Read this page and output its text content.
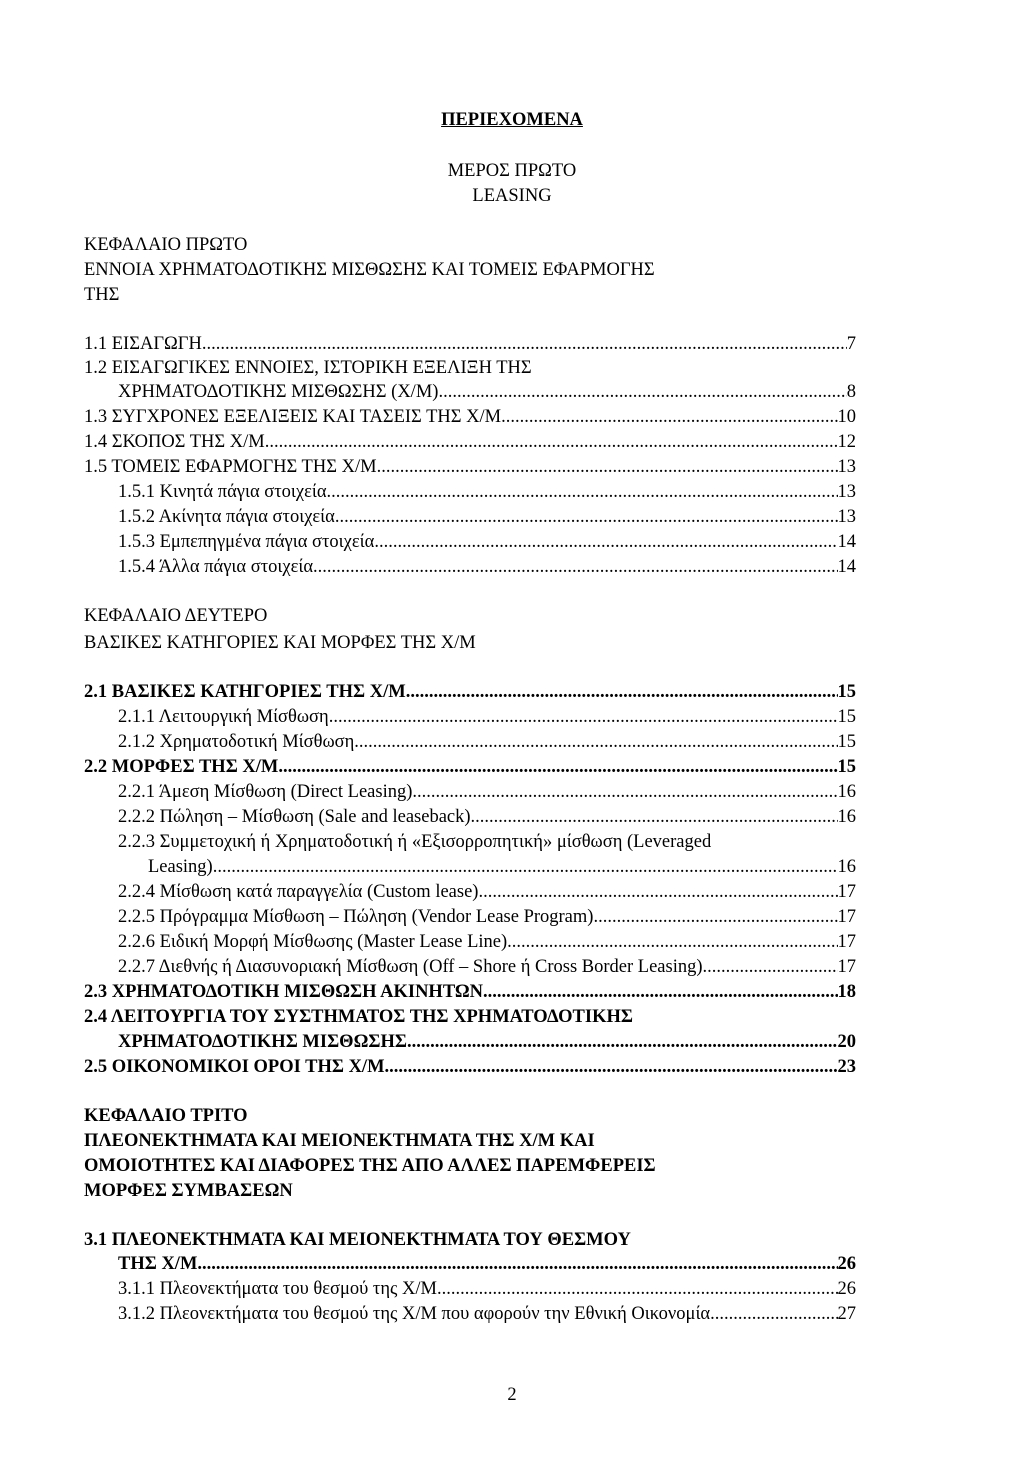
ΠΕΡΙΕΧΟΜΕΝΑ
ΜΕΡΟΣ ΠΡΩΤΟ
LEASING
ΚΕΦΑΛΑΙΟ ΠΡΩΤΟ
ΕΝΝΟΙΑ ΧΡΗΜΑΤΟΔΟΤΙΚΗΣ ΜΙΣΘΩΣΗΣ ΚΑΙ ΤΟΜΕΙΣ ΕΦΑΡΜΟΓΗΣ
ΤΗΣ
1.1 ΕΙΣΑΓΩΓΗ .....	7
1.2 ΕΙΣΑΓΩΓΙΚΕΣ ΕΝΝΟΙΕΣ, ΙΣΤΟΡΙΚΗ ΕΞΕΛΙΞΗ ΤΗΣ
ΧΡΗΜΑΤΟΔΟΤΙΚΗΣ ΜΙΣΘΩΣΗΣ (Χ/Μ) .....	8
1.3 ΣΥΓΧΡΟΝΕΣ ΕΞΕΛΙΞΕΙΣ ΚΑΙ ΤΑΣΕΙΣ ΤΗΣ Χ/Μ .....	10
1.4 ΣΚΟΠΟΣ ΤΗΣ Χ/Μ .....	12
1.5 ΤΟΜΕΙΣ ΕΦΑΡΜΟΓΗΣ ΤΗΣ Χ/Μ .....	13
1.5.1 Κινητά πάγια στοιχεία .....	13
1.5.2 Ακίνητα πάγια στοιχεία .....	13
1.5.3 Εμπεπηγμένα πάγια στοιχεία .....	14
1.5.4 Άλλα πάγια στοιχεία .....	14
ΚΕΦΑΛΑΙΟ ΔΕΥΤΕΡΟ
ΒΑΣΙΚΕΣ ΚΑΤΗΓΟΡΙΕΣ ΚΑΙ ΜΟΡΦΕΣ ΤΗΣ Χ/Μ
2.1 ΒΑΣΙΚΕΣ ΚΑΤΗΓΟΡΙΕΣ ΤΗΣ Χ/Μ .....	15
2.1.1 Λειτουργική Μίσθωση .....	15
2.1.2 Χρηματοδοτική Μίσθωση .....	15
2.2 ΜΟΡΦΕΣ ΤΗΣ Χ/Μ .....	15
2.2.1 Άμεση Μίσθωση (Direct Leasing) .....	16
2.2.2 Πώληση – Μίσθωση (Sale and leaseback) .....	16
2.2.3 Συμμετοχική ή Χρηματοδοτική ή «Εξισορροπητική» μίσθωση (Leveraged
Leasing) .....	16
2.2.4 Μίσθωση κατά παραγγελία (Custom lease) .....	17
2.2.5 Πρόγραμμα Μίσθωση – Πώληση (Vendor Lease Program) .....	17
2.2.6 Ειδική Μορφή Μίσθωσης (Master Lease Line) .....	17
2.2.7 Διεθνής ή Διασυνοριακή Μίσθωση (Off – Shore ή Cross Border Leasing) .....	17
2.3 ΧΡΗΜΑΤΟΔΟΤΙΚΗ ΜΙΣΘΩΣΗ ΑΚΙΝΗΤΩΝ .....	18
2.4 ΛΕΙΤΟΥΡΓΙΑ ΤΟΥ ΣΥΣΤΗΜΑΤΟΣ ΤΗΣ ΧΡΗΜΑΤΟΔΟΤΙΚΗΣ
ΧΡΗΜΑΤΟΔΟΤΙΚΗΣ ΜΙΣΘΩΣΗΣ .....	20
2.5 ΟΙΚΟΝΟΜΙΚΟΙ ΟΡΟΙ ΤΗΣ Χ/Μ .....	23
ΚΕΦΑΛΑΙΟ ΤΡΙΤΟ
ΠΛΕΟΝΕΚΤΗΜΑΤΑ ΚΑΙ ΜΕΙΟΝΕΚΤΗΜΑΤΑ ΤΗΣ Χ/Μ ΚΑΙ
ΟΜΟΙΟΤΗΤΕΣ ΚΑΙ ΔΙΑΦΟΡΕΣ ΤΗΣ ΑΠΟ ΑΛΛΕΣ ΠΑΡΕΜΦΕΡΕΙΣ
ΜΟΡΦΕΣ ΣΥΜΒΑΣΕΩΝ
3.1 ΠΛΕΟΝΕΚΤΗΜΑΤΑ ΚΑΙ ΜΕΙΟΝΕΚΤΗΜΑΤΑ ΤΟΥ ΘΕΣΜΟΥ
ΤΗΣ Χ/Μ .....	26
3.1.1 Πλεονεκτήματα του θεσμού της Χ/Μ .....	26
3.1.2 Πλεονεκτήματα του θεσμού της Χ/Μ που αφορούν την Εθνική Οικονομία .....	27
2
